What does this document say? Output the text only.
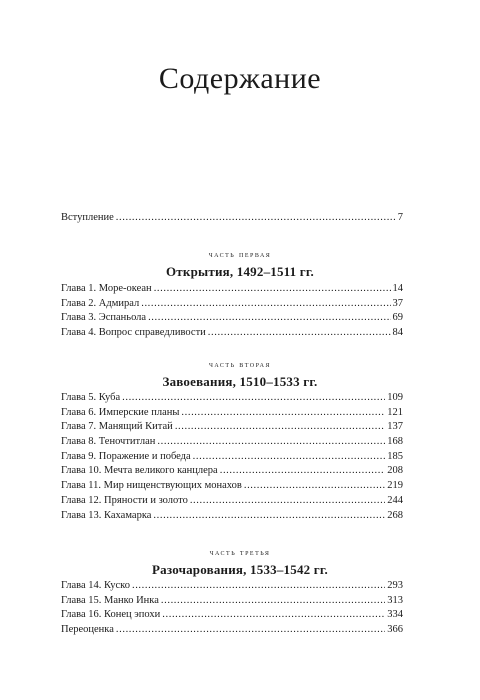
Содержание
Вступление .....	7
часть первая
Открытия, 1492–1511 гг.
Глава 1. Море-океан .....	14
Глава 2. Адмирал .....	37
Глава 3. Эспаньола .....	69
Глава 4. Вопрос справедливости .....	84
часть вторая
Завоевания, 1510–1533 гг.
Глава 5. Куба .....	109
Глава 6. Имперские планы .....	121
Глава 7. Манящий Китай .....	137
Глава 8. Теночтитлан .....	168
Глава 9. Поражение и победа .....	185
Глава 10. Мечта великого канцлера .....	208
Глава 11. Мир нищенствующих монахов .....	219
Глава 12. Пряности и золото .....	244
Глава 13. Кахамарка .....	268
часть третья
Разочарования, 1533–1542 гг.
Глава 14. Куско .....	293
Глава 15. Манко Инка .....	313
Глава 16. Конец эпохи .....	334
Переоценка .....	366
